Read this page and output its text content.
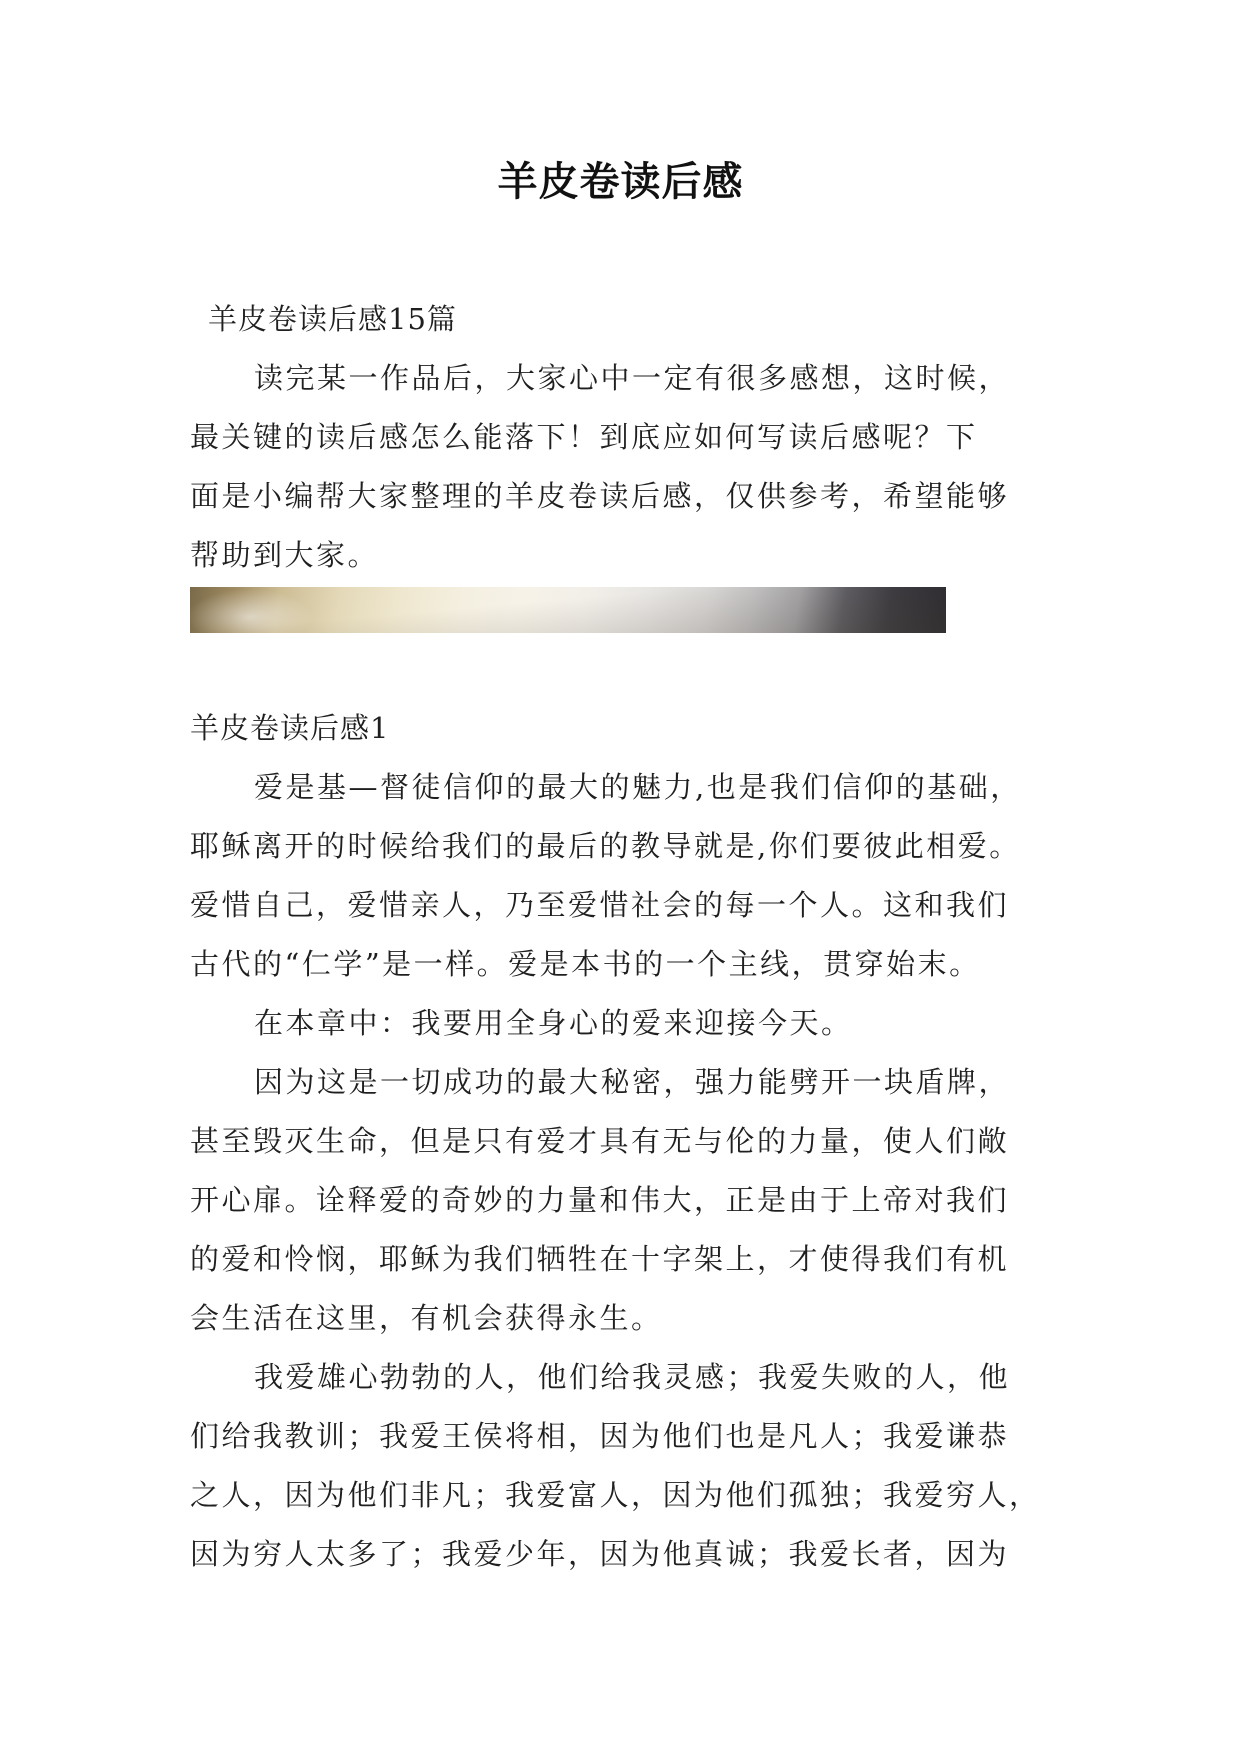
羊皮卷读后感
羊皮卷读后感15篇
读完某一作品后，大家心中一定有很多感想，这时候，
最关键的读后感怎么能落下！到底应如何写读后感呢？下
面是小编帮大家整理的羊皮卷读后感，仅供参考，希望能够
帮助到大家。
羊皮卷读后感1
爱是基—督徒信仰的最大的魅力,也是我们信仰的基础，
耶稣离开的时候给我们的最后的教导就是,你们要彼此相爱。
爱惜自己，爱惜亲人，乃至爱惜社会的每一个人。这和我们
古代的“仁学”是一样。爱是本书的一个主线，贯穿始末。
在本章中：我要用全身心的爱来迎接今天。
因为这是一切成功的最大秘密，强力能劈开一块盾牌，
甚至毁灭生命，但是只有爱才具有无与伦的力量，使人们敞
开心扉。诠释爱的奇妙的力量和伟大，正是由于上帝对我们
的爱和怜悯，耶稣为我们牺牲在十字架上，才使得我们有机
会生活在这里，有机会获得永生。
我爱雄心勃勃的人，他们给我灵感；我爱失败的人，他
们给我教训；我爱王侯将相，因为他们也是凡人；我爱谦恭
之人，因为他们非凡；我爱富人，因为他们孤独；我爱穷人，
因为穷人太多了；我爱少年，因为他真诚；我爱长者，因为
